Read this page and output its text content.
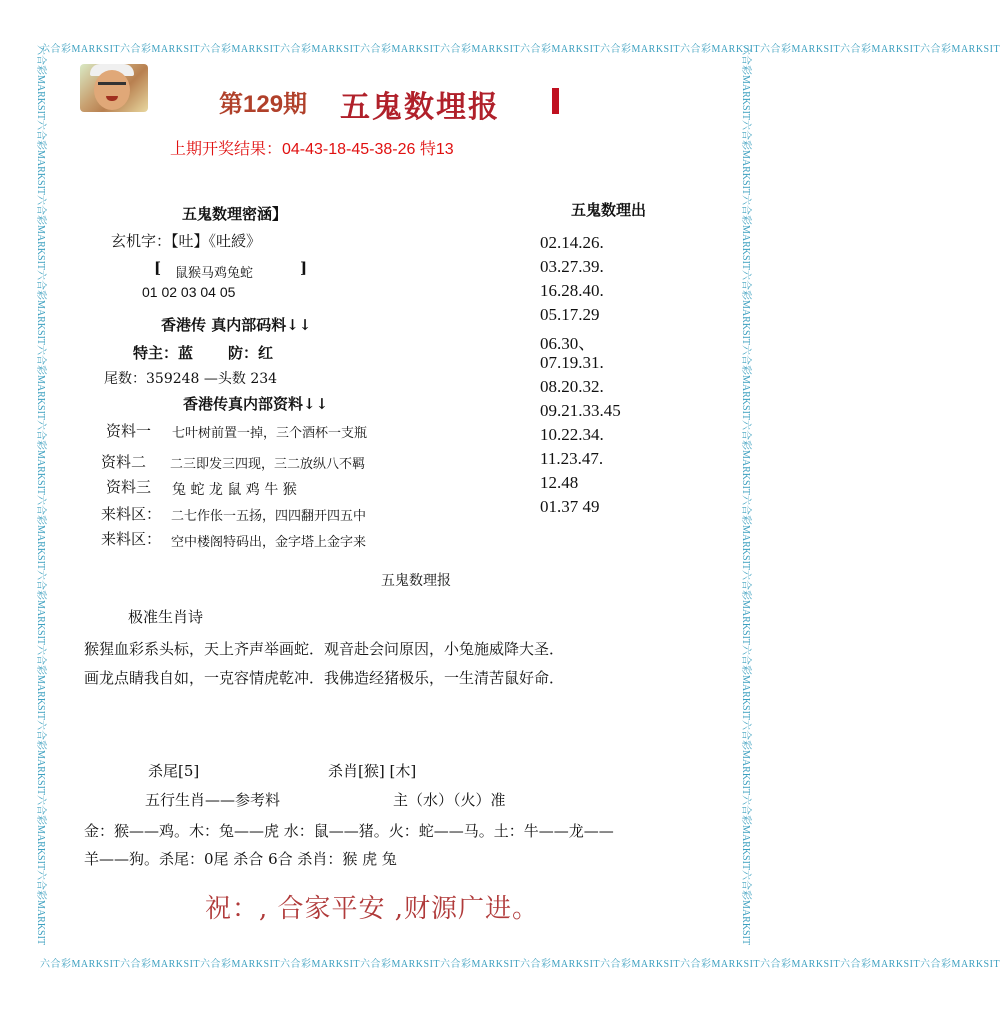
六合彩MARKSIT六合彩MARKSIT六合彩MARKSIT六合彩MARKSIT六合彩MARKSIT六合彩MARKSIT六合彩MARKSIT六合彩MARKSIT六合彩MARKSIT六合彩MARKSIT六合彩MARKSIT六合彩MARKSIT
六合彩MARKSIT六合彩MARKSIT六合彩MARKSIT六合彩MARKSIT六合彩MARKSIT六合彩MARKSIT六合彩MARKSIT六合彩MARKSIT六合彩MARKSIT六合彩MARKSIT六合彩MARKSIT六合彩MARKSIT
六合彩MARKSIT六合彩MARKSIT六合彩MARKSIT六合彩MARKSIT六合彩MARKSIT六合彩MARKSIT六合彩MARKSIT六合彩MARKSIT六合彩MARKSIT六合彩MARKSIT六合彩MARKSIT六合彩MARKSIT	六合彩MARKSIT六合彩MARKSIT六合彩MARKSIT六合彩MARKSIT六合彩MARKSIT六合彩MARKSIT六合彩MARKSIT六合彩MARKSIT六合彩MARKSIT六合彩MARKSIT六合彩MARKSIT六合彩MARKSIT
第129期 五鬼数埋报
上期开奖结果：04-43-18-45-38-26 特13
五鬼数理密涵】
玄机字：【吐】《吐綬》
[ 鼠猴马鸡兔蛇	]
01 02 03 04 05
香港传 真内部码料↓↓
特主：蓝 防：红
尾数：359248 —头数 234
香港传真内部资料↓↓
资料一 七叶树前置一掉，三个酒杯一支瓶
资料二 二三即发三四现，三二放纵八不羁
资料三 兔 蛇 龙 鼠 鸡 牛 猴
来料区： 二七作伥一五扬，四四翻开四五中
来料区： 空中楼阁特码出，金字塔上金字来
五鬼数理出
02.14.26.
03.27.39.
16.28.40.
05.17.29
06.30、
07.19.31.
08.20.32.
09.21.33.45
10.22.34.
11.23.47.
12.48
01.37 49
五鬼数理报
极准生肖诗
猴猩血彩系头标，天上齐声举画蛇．观音赴会问原因，小兔施威降大圣．
画龙点睛我自如，一克容情虎乾冲．我佛造经猪极乐，一生清苦鼠好命．
杀尾[5]	杀肖[猴] [木]
五行生肖——参考料	主（水）（火）准
金：猴——鸡。木：兔——虎 水：鼠——猪。火：蛇——马。土：牛——龙——
羊——狗。杀尾：0尾 杀合 6合 杀肖：猴 虎 兔
祝：, 合家平安 ,财源广进。
